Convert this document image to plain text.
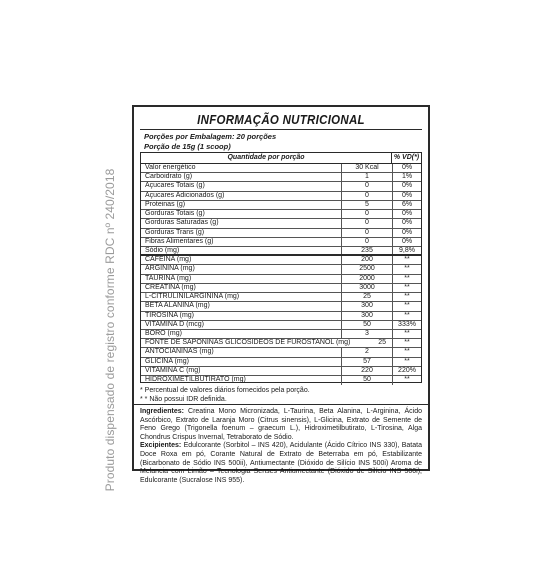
Produto dispensado de registro conforme RDC nº 240/2018
INFORMAÇÃO NUTRICIONAL
Porções por Embalagem: 20 porções
Porção de 15g (1 scoop)
Quantidade por porção	% VD(*)
Valor energético	30 Kcal	0%
Carboidrato (g)	1	1%
Açucares Totais (g)	0	0%
Açucares Adicionados (g)	0	0%
Proteinas (g)	5	6%
Gorduras Totais (g)	0	0%
Gorduras Saturadas (g)	0	0%
Gorduras Trans (g)	0	0%
Fibras Alimentares (g)	0	0%
Sódio (mg)	235	9,8%
CAFEINA (mg)	200	**
ARGININA (mg)	2500	**
TAURINA (mg)	2000	**
CREATINA (mg)	3000	**
L-CITRULINILARGININA (mg)	25	**
BETA ALANINA (mg)	300	**
TIROSINA (mg)	300	**
VITAMINA D (mcg)	50	333%
BORO (mg)	3	**
FONTE DE SAPONINAS GLICOSIDEOS DE FUROSTANOL (mg)	25	**
ANTOCIANINAS (mg)	2	**
GLICINA (mg)	57	**
VITAMINA C (mg)	220	220%
HIDROXIMETILBUTIRATO (mg)	50	**
* Percentual de valores diários fornecidos pela porção.
* * Não possui IDR definida.

Ingredientes: Creatina Mono Micronizada, L-Taurina, Beta Alanina, L-Arginina, Ácido Ascórbico, Extrato de Laranja Moro (Citrus sinensis), L-Glicina, Extrato de Semente de Feno Grego (Trigonella foenum – graecum L.), Hidroximetilbutirato, L-Tirosina, Alga Chondrus Crispus Invernal, Tetraborato de Sódio.

Excipientes: Edulcorante (Sorbitol – INS 420), Acidulante (Ácido Cítrico INS 330), Batata Doce Roxa em pó, Corante Natural de Extrato de Beterraba em pó, Estabilizante (Bicarbonato de Sódio INS 500ii), Antiumectante (Dióxido de Silício INS 500i) Aroma de Melancia com Limão – Tecnologia Senses Antiumectante (Dióxido de Silício INS 500i), Edulcorante (Sucralose INS 955).
